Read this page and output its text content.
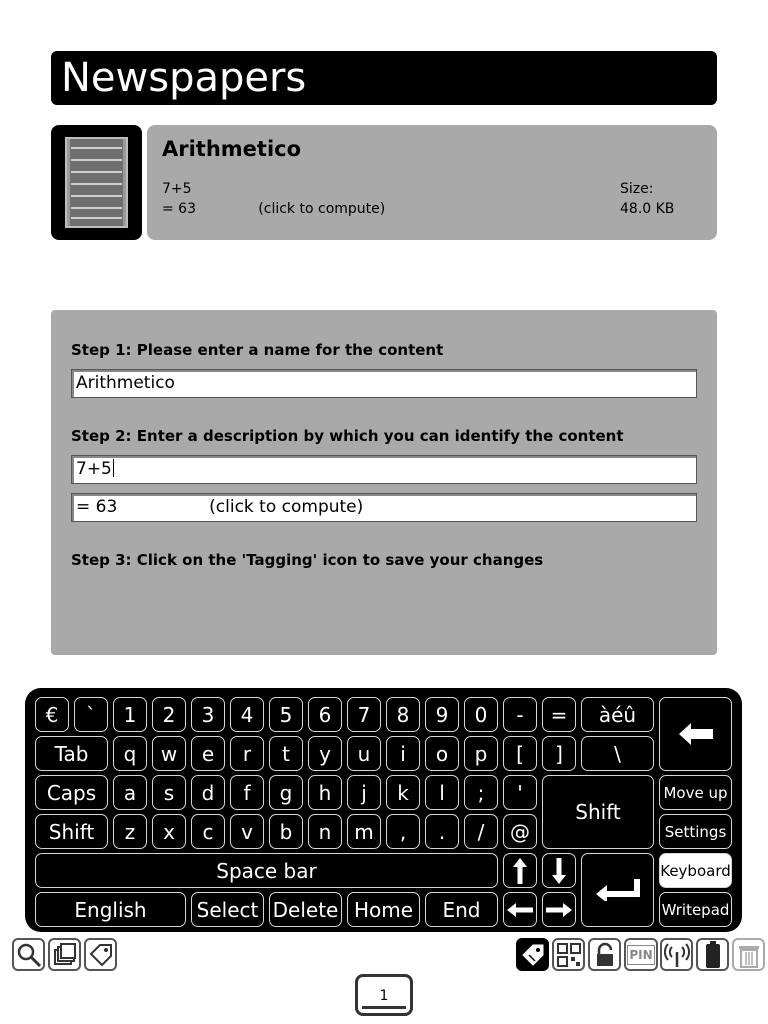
Newspapers
Arithmetico
7+5
= 63              (click to compute)
Size:
48.0 KB
Step 1: Please enter a name for the content
Arithmetico
Step 2: Enter a description by which you can identify the content
7+5
= 63                 (click to compute)
Step 3: Click on the 'Tagging' icon to save your changes
€	`	1	2	3	4	5	6	7	8	9	0	-	=	àéû
Tab	q	w	e	r	t	y	u	i	o	p	[	]	\
Caps	a	s	d	f	g	h	j	k	l	;	'
Shift
Shift	z	x	c	v	b	n	m	,	.	/	@
Space bar
English	Select Delete Home	End
Move up
Settings
Keyboard
Writepad
PIN
1
